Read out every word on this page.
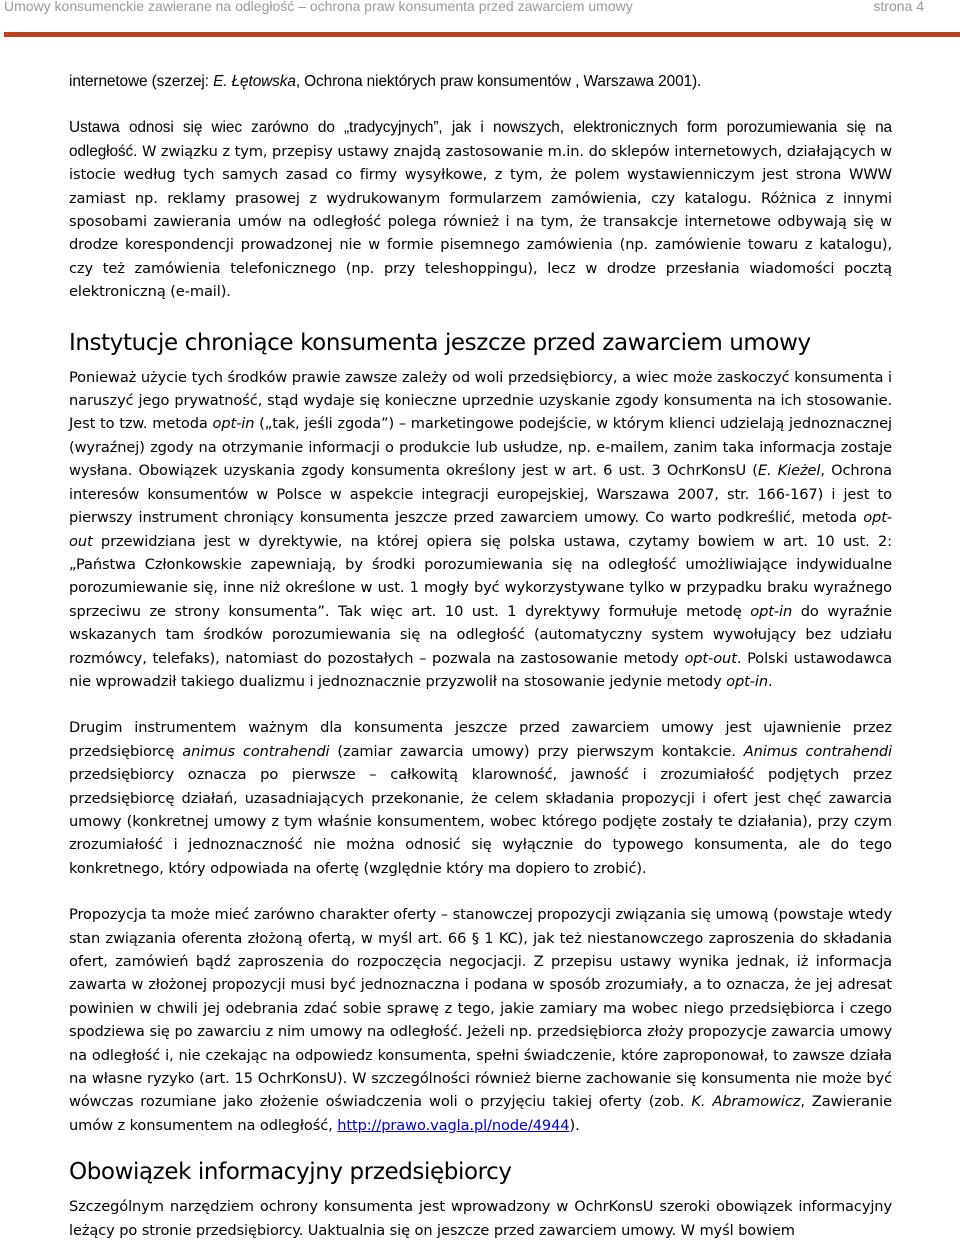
Umowy konsumenckie zawierane na odległość – ochrona praw konsumenta przed zawarciem umowy	strona 4

internetowe (szerzej: E. Łętowska, Ochrona niektórych praw konsumentów , Warszawa 2001).

Ustawa odnosi się wiec zarówno do „tradycyjnych”, jak i nowszych, elektronicznych form porozumiewania się na odległość. W związku z tym, przepisy ustawy znajdą zastosowanie m.in. do sklepów internetowych, działających w istocie według tych samych zasad co firmy wysyłkowe, z tym, że polem wystawienniczym jest strona WWW zamiast np. reklamy prasowej z wydrukowanym formularzem zamówienia, czy katalogu. Różnica z innymi sposobami zawierania umów na odległość polega również i na tym, że transakcje internetowe odbywają się w drodze korespondencji prowadzonej nie w formie pisemnego zamówienia (np. zamówienie towaru z katalogu), czy też zamówienia telefonicznego (np. przy teleshoppingu), lecz w drodze przesłania wiadomości pocztą elektroniczną (e-mail).

Instytucje chroniące konsumenta jeszcze przed zawarciem umowy

Ponieważ użycie tych środków prawie zawsze zależy od woli przedsiębiorcy, a wiec może zaskoczyć konsumenta i naruszyć jego prywatność, stąd wydaje się konieczne uprzednie uzyskanie zgody konsumenta na ich stosowanie. Jest to tzw. metoda opt-in („tak, jeśli zgoda”) – marketingowe podejście, w którym klienci udzielają jednoznacznej (wyraźnej) zgody na otrzymanie informacji o produkcie lub usłudze, np. e-mailem, zanim taka informacja zostaje wysłana. Obowiązek uzyskania zgody konsumenta określony jest w art. 6 ust. 3 OchrKonsU (E. Kieżel, Ochrona interesów konsumentów w Polsce w aspekcie integracji europejskiej, Warszawa 2007, str. 166-167) i jest to pierwszy instrument chroniący konsumenta jeszcze przed zawarciem umowy. Co warto podkreślić, metoda opt-out przewidziana jest w dyrektywie, na której opiera się polska ustawa, czytamy bowiem w art. 10 ust. 2: „Państwa Członkowskie zapewniają, by środki porozumiewania się na odległość umożliwiające indywidualne porozumiewanie się, inne niż określone w ust. 1 mogły być wykorzystywane tylko w przypadku braku wyraźnego sprzeciwu ze strony konsumenta”. Tak więc art. 10 ust. 1 dyrektywy formułuje metodę opt-in do wyraźnie wskazanych tam środków porozumiewania się na odległość (automatyczny system wywołujący bez udziału rozmówcy, telefaks), natomiast do pozostałych – pozwala na zastosowanie metody opt-out. Polski ustawodawca nie wprowadził takiego dualizmu i jednoznacznie przyzwolił na stosowanie jedynie metody opt-in.

Drugim instrumentem ważnym dla konsumenta jeszcze przed zawarciem umowy jest ujawnienie przez przedsiębiorcę animus contrahendi (zamiar zawarcia umowy) przy pierwszym kontakcie. Animus contrahendi przedsiębiorcy oznacza po pierwsze – całkowitą klarowność, jawność i zrozumiałość podjętych przez przedsiębiorcę działań, uzasadniających przekonanie, że celem składania propozycji i ofert jest chęć zawarcia umowy (konkretnej umowy z tym właśnie konsumentem, wobec którego podjęte zostały te działania), przy czym zrozumiałość i jednoznaczność nie można odnosić się wyłącznie do typowego konsumenta, ale do tego konkretnego, który odpowiada na ofertę (względnie który ma dopiero to zrobić).

Propozycja ta może mieć zarówno charakter oferty – stanowczej propozycji związania się umową (powstaje wtedy stan związania oferenta złożoną ofertą, w myśl art. 66 § 1 KC), jak też niestanowczego zaproszenia do składania ofert, zamówień bądź zaproszenia do rozpoczęcia negocjacji. Z przepisu ustawy wynika jednak, iż informacja zawarta w złożonej propozycji musi być jednoznaczna i podana w sposób zrozumiały, a to oznacza, że jej adresat powinien w chwili jej odebrania zdać sobie sprawę z tego, jakie zamiary ma wobec niego przedsiębiorca i czego spodziewa się po zawarciu z nim umowy na odległość. Jeżeli np. przedsiębiorca złoży propozycje zawarcia umowy na odległość i, nie czekając na odpowiedz konsumenta, spełni świadczenie, które zaproponował, to zawsze działa na własne ryzyko (art. 15 OchrKonsU). W szczególności również bierne zachowanie się konsumenta nie może być wówczas rozumiane jako złożenie oświadczenia woli o przyjęciu takiej oferty (zob. K. Abramowicz, Zawieranie umów z konsumentem na odległość, http://prawo.vagla.pl/node/4944).

Obowiązek informacyjny przedsiębiorcy

Szczególnym narzędziem ochrony konsumenta jest wprowadzony w OchrKonsU szeroki obowiązek informacyjny leżący po stronie przedsiębiorcy. Uaktualnia się on jeszcze przed zawarciem umowy. W myśl bowiem
